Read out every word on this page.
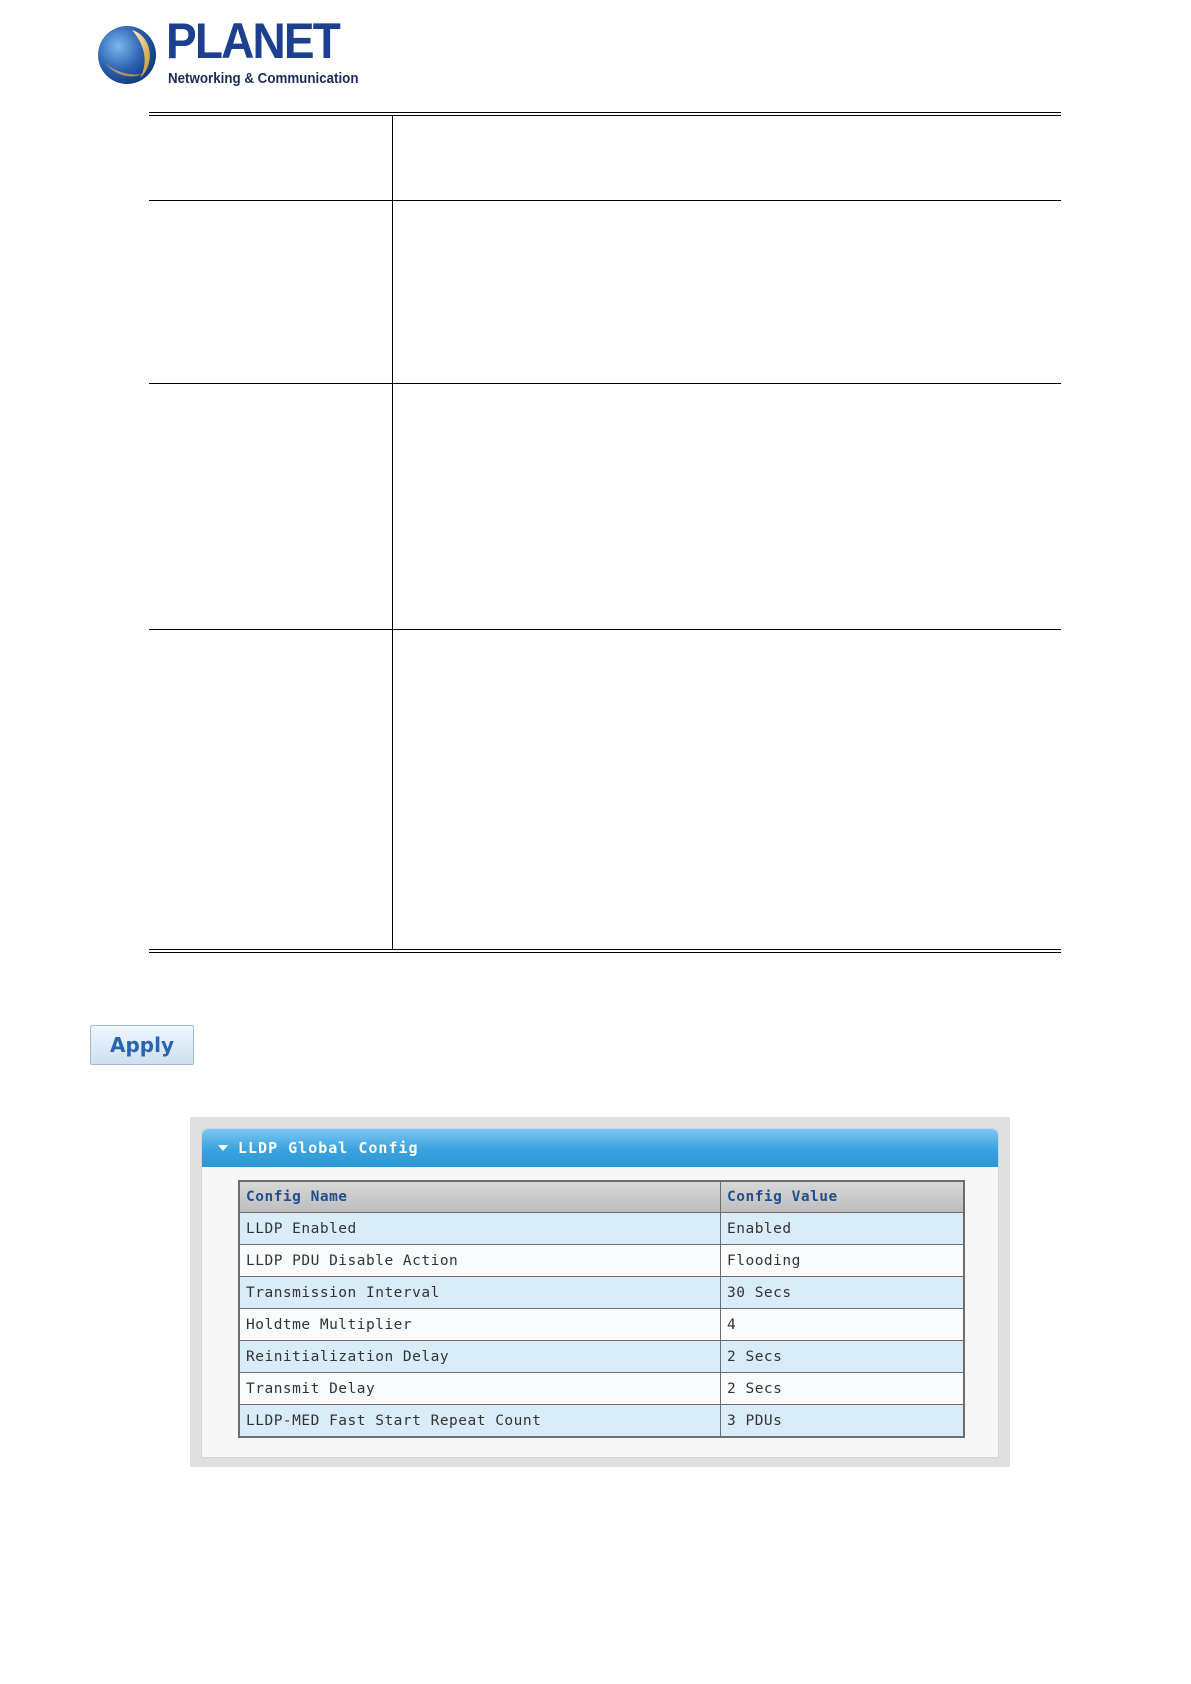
PLANET
Networking & Communication
Apply
LLDP Global Config
Config Name	Config Value
LLDP Enabled	Enabled
LLDP PDU Disable Action	Flooding
Transmission Interval	30 Secs
Holdtme Multiplier	4
Reinitialization Delay	2 Secs
Transmit Delay	2 Secs
LLDP-MED Fast Start Repeat Count	3 PDUs
